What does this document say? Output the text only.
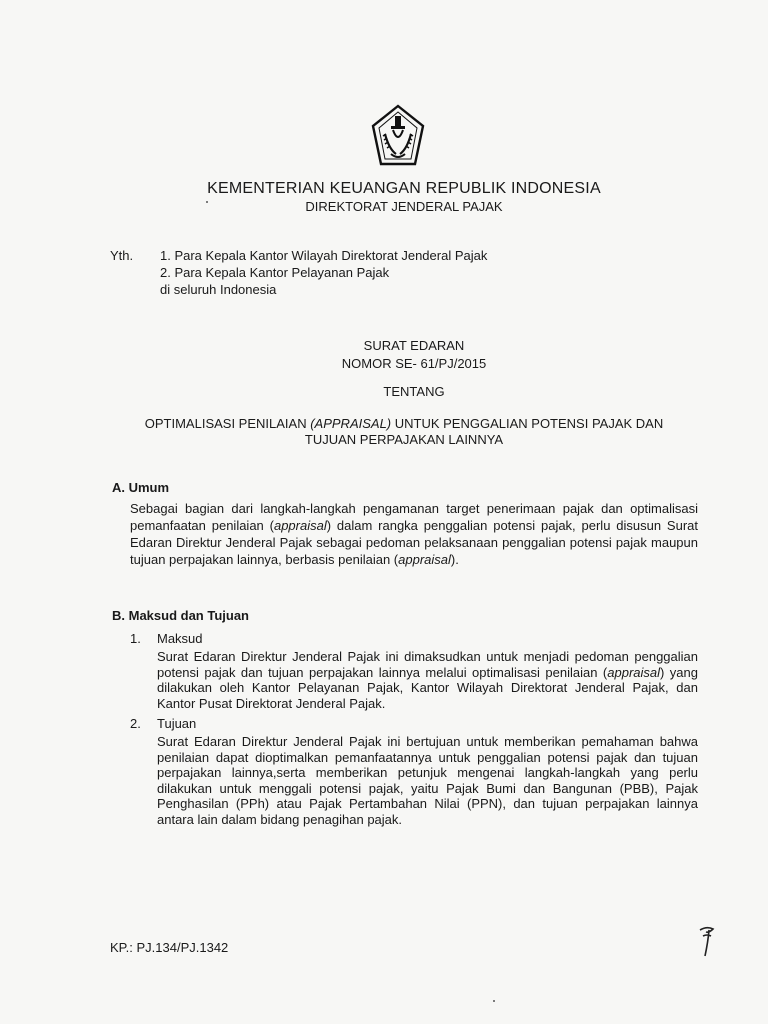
KEMENTERIAN KEUANGAN REPUBLIK INDONESIA
DIREKTORAT JENDERAL PAJAK
Yth. 1. Para Kepala Kantor Wilayah Direktorat Jenderal Pajak
2. Para Kepala Kantor Pelayanan Pajak
di seluruh Indonesia
SURAT EDARAN
NOMOR SE- 61/PJ/2015
TENTANG
OPTIMALISASI PENILAIAN (APPRAISAL) UNTUK PENGGALIAN POTENSI PAJAK DAN
TUJUAN PERPAJAKAN LAINNYA
A. Umum
Sebagai bagian dari langkah-langkah pengamanan target penerimaan pajak dan optimalisasi pemanfaatan penilaian (appraisal) dalam rangka penggalian potensi pajak, perlu disusun Surat Edaran Direktur Jenderal Pajak sebagai pedoman pelaksanaan penggalian potensi pajak maupun tujuan perpajakan lainnya, berbasis penilaian (appraisal).
B. Maksud dan Tujuan
1. Maksud
Surat Edaran Direktur Jenderal Pajak ini dimaksudkan untuk menjadi pedoman penggalian potensi pajak dan tujuan perpajakan lainnya melalui optimalisasi penilaian (appraisal) yang dilakukan oleh Kantor Pelayanan Pajak, Kantor Wilayah Direktorat Jenderal Pajak, dan Kantor Pusat Direktorat Jenderal Pajak.
2. Tujuan
Surat Edaran Direktur Jenderal Pajak ini bertujuan untuk memberikan pemahaman bahwa penilaian dapat dioptimalkan pemanfaatannya untuk penggalian potensi pajak dan tujuan perpajakan lainnya,serta memberikan petunjuk mengenai langkah-langkah yang perlu dilakukan untuk menggali potensi pajak, yaitu Pajak Bumi dan Bangunan (PBB), Pajak Penghasilan (PPh) atau Pajak Pertambahan Nilai (PPN), dan tujuan perpajakan lainnya antara lain dalam bidang penagihan pajak.
KP.: PJ.134/PJ.1342
